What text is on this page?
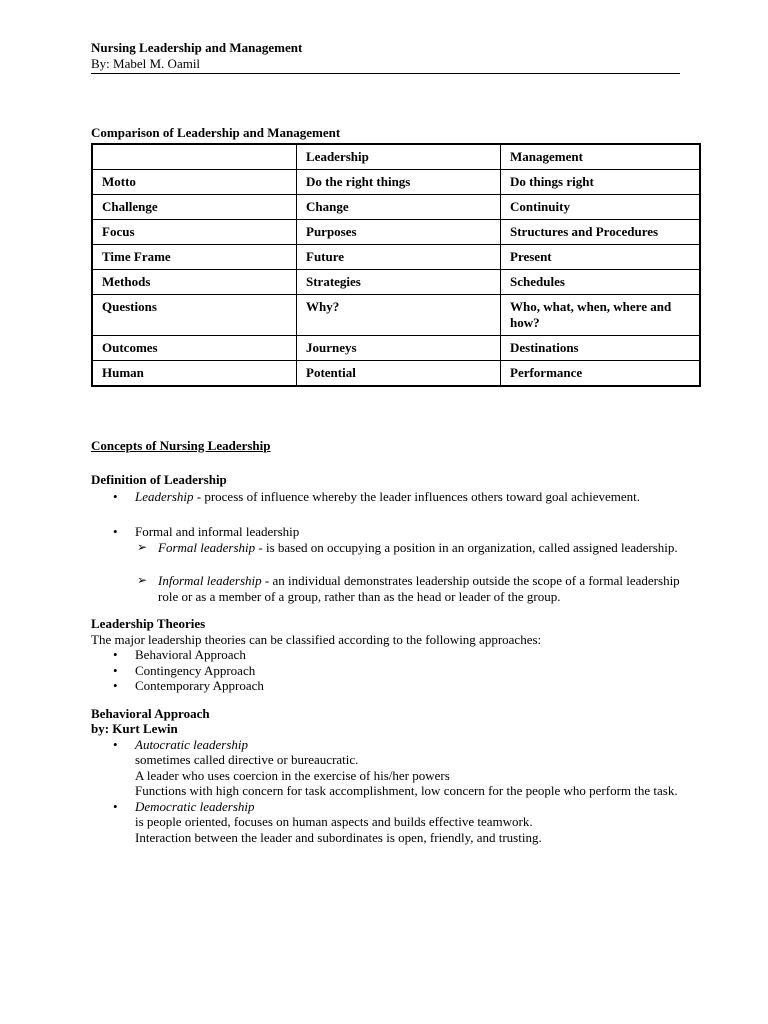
Nursing Leadership and Management
By: Mabel M. Oamil
Comparison of Leadership and Management
	Leadership	Management
Motto	Do the right things	Do things right
Challenge	Change	Continuity
Focus	Purposes	Structures and Procedures
Time Frame	Future	Present
Methods	Strategies	Schedules
Questions	Why?	Who, what, when, where and how?
Outcomes	Journeys	Destinations
Human	Potential	Performance
Concepts of Nursing Leadership
Definition of Leadership
• Leadership - process of influence whereby the leader influences others toward goal achievement.
• Formal and informal leadership
➢ Formal leadership - is based on occupying a position in an organization, called assigned leadership.
➢ Informal leadership - an individual demonstrates leadership outside the scope of a formal leadership role or as a member of a group, rather than as the head or leader of the group.
Leadership Theories
The major leadership theories can be classified according to the following approaches:
• Behavioral Approach
• Contingency Approach
• Contemporary Approach
Behavioral Approach
by: Kurt Lewin
• Autocratic leadership
sometimes called directive or bureaucratic.
A leader who uses coercion in the exercise of his/her powers
Functions with high concern for task accomplishment, low concern for the people who perform the task.
• Democratic leadership
is people oriented, focuses on human aspects and builds effective teamwork.
Interaction between the leader and subordinates is open, friendly, and trusting.
